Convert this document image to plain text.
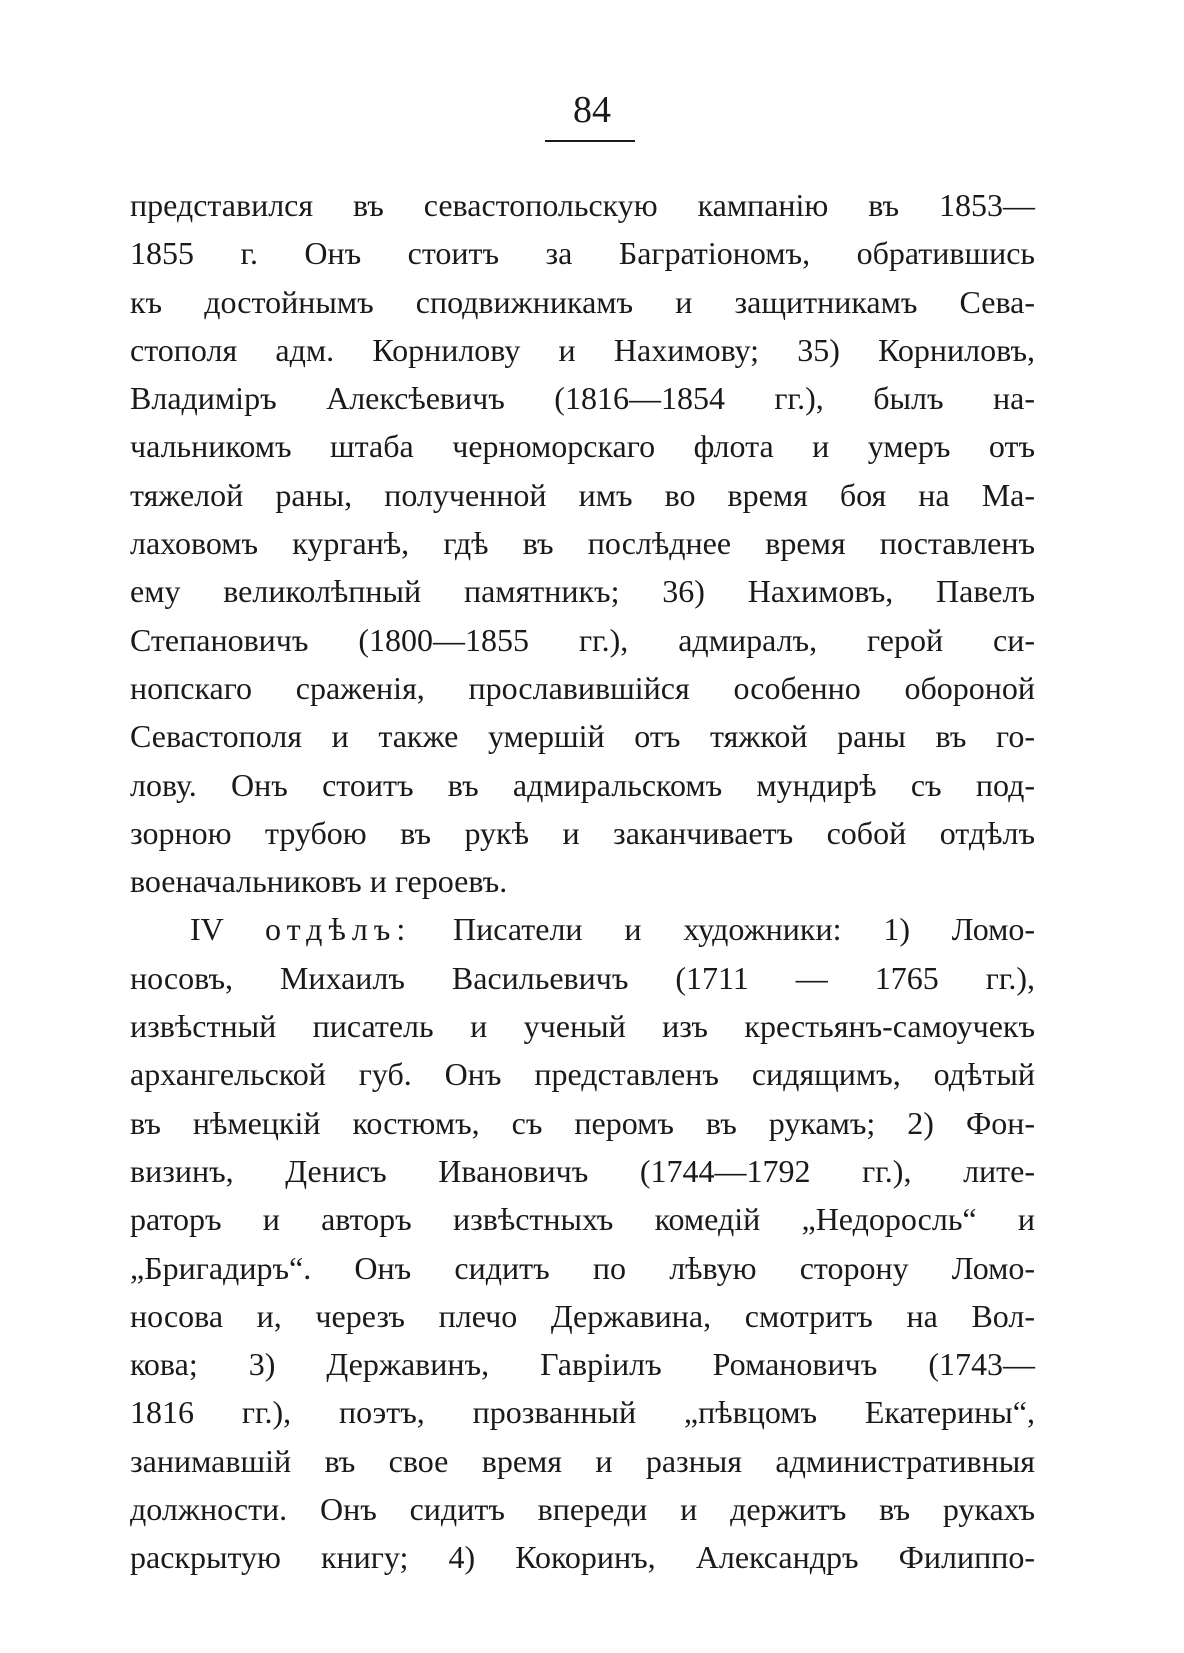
84
представился въ севастопольскую кампанію въ 1853—
1855 г. Онъ стоитъ за Багратіономъ, обратившись
къ достойнымъ сподвижникамъ и защитникамъ Сева-
стополя адм. Корнилову и Нахимову; 35) Корниловъ,
Владиміръ Алексѣевичъ (1816—1854 гг.), былъ на-
чальникомъ штаба черноморскаго флота и умеръ отъ
тяжелой раны, полученной имъ во время боя на Ма-
лаховомъ курганѣ, гдѣ въ послѣднее время поставленъ
ему великолѣпный памятникъ; 36) Нахимовъ, Павелъ
Степановичъ (1800—1855 гг.), адмиралъ, герой си-
нопскаго сраженія, прославившійся особенно обороной
Севастополя и также умершій отъ тяжкой раны въ го-
лову. Онъ стоитъ въ адмиральскомъ мундирѣ съ под-
зорною трубою въ рукѣ и заканчиваетъ собой отдѣлъ
военачальниковъ и героевъ.
IV отдѣлъ: Писатели и художники: 1) Ломо-
носовъ, Михаилъ Васильевичъ (1711 — 1765 гг.),
извѣстный писатель и ученый изъ крестьянъ-самоучекъ
архангельской губ. Онъ представленъ сидящимъ, одѣтый
въ нѣмецкій костюмъ, съ перомъ въ рукамъ; 2) Фон-
визинъ, Денисъ Ивановичъ (1744—1792 гг.), лите-
раторъ и авторъ извѣстныхъ комедій „Недоросль“ и
„Бригадиръ“. Онъ сидитъ по лѣвую сторону Ломо-
носова и, черезъ плечо Державина, смотритъ на Вол-
кова; 3) Державинъ, Гавріилъ Романовичъ (1743—
1816 гг.), поэтъ, прозванный „пѣвцомъ Екатерины“,
занимавшій въ свое время и разныя административныя
должности. Онъ сидитъ впереди и держитъ въ рукахъ
раскрытую книгу; 4) Кокоринъ, Александръ Филиппо-
